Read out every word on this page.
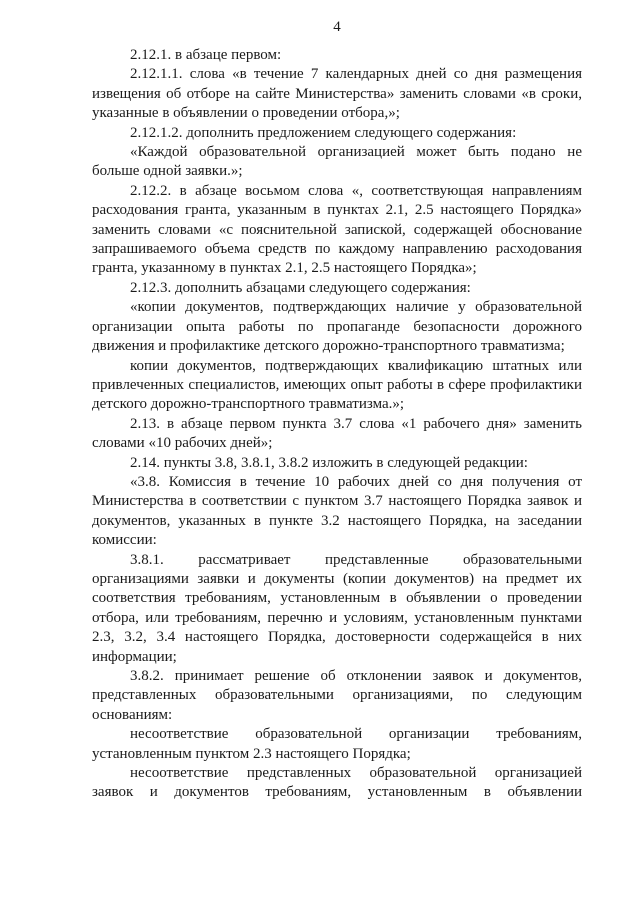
4

2.12.1. в абзаце первом:

2.12.1.1. слова «в течение 7 календарных дней со дня размещения извещения об отборе на сайте Министерства» заменить словами «в сроки, указанные в объявлении о проведении отбора,»;

2.12.1.2. дополнить предложением следующего содержания:

«Каждой образовательной организацией может быть подано не больше одной заявки.»;

2.12.2. в абзаце восьмом слова «, соответствующая направлениям расходования гранта, указанным в пунктах 2.1, 2.5 настоящего Порядка» заменить словами «с пояснительной запиской, содержащей обоснование запрашиваемого объема средств по каждому направлению расходования гранта, указанному в пунктах 2.1, 2.5 настоящего Порядка»;

2.12.3. дополнить абзацами следующего содержания:

«копии документов, подтверждающих наличие у образовательной организации опыта работы по пропаганде безопасности дорожного движения и профилактике детского дорожно-транспортного травматизма;

копии документов, подтверждающих квалификацию штатных или привлеченных специалистов, имеющих опыт работы в сфере профилактики детского дорожно-транспортного травматизма.»;

2.13. в абзаце первом пункта 3.7 слова «1 рабочего дня» заменить словами «10 рабочих дней»;

2.14. пункты 3.8, 3.8.1, 3.8.2 изложить в следующей редакции:

«3.8. Комиссия в течение 10 рабочих дней со дня получения от Министерства в соответствии с пунктом 3.7 настоящего Порядка заявок и документов, указанных в пункте 3.2 настоящего Порядка, на заседании комиссии:

3.8.1. рассматривает представленные образовательными организациями заявки и документы (копии документов) на предмет их соответствия требованиям, установленным в объявлении о проведении отбора, или требованиям, перечню и условиям, установленным пунктами 2.3, 3.2, 3.4 настоящего Порядка, достоверности содержащейся в них информации;

3.8.2. принимает решение об отклонении заявок и документов, представленных образовательными организациями, по следующим основаниям:

несоответствие образовательной организации требованиям, установленным пунктом 2.3 настоящего Порядка;

несоответствие представленных образовательной организацией заявок и документов требованиям, установленным в объявлении
